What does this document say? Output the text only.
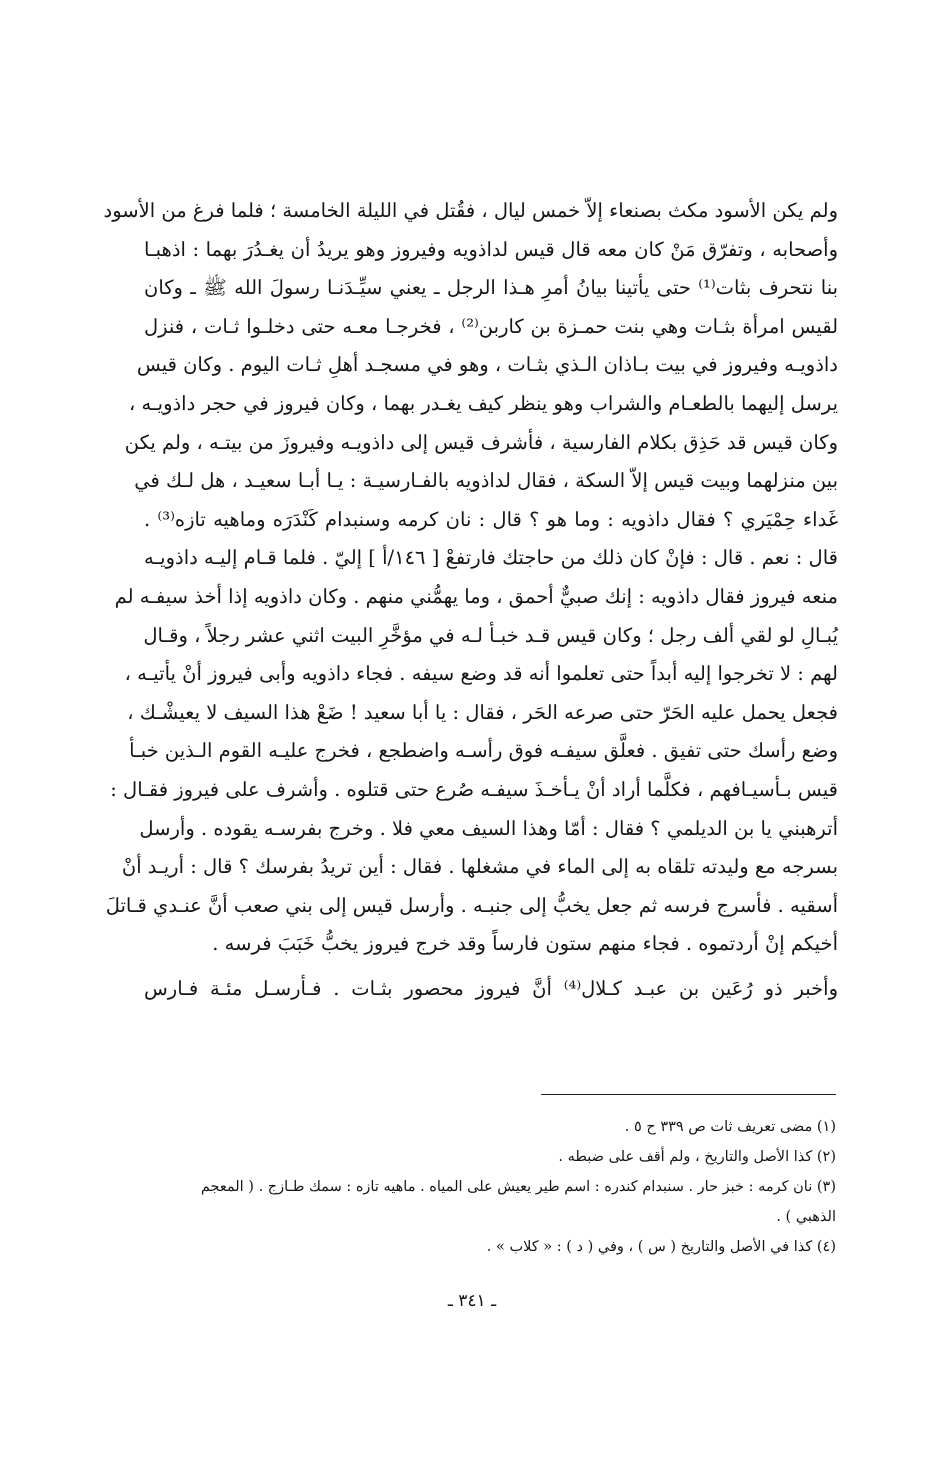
ولم يكن الأسود مكث بصنعاء إلاّ خمس ليال ، فقُتل في الليلة الخامسة ؛ فلما فرغ من الأسود
وأصحابه ، وتفرّق مَنْ كان معه قال قيس لداذويه وفيروز وهو يريدُ أن يغـدُرَ بهما : اذهبـا
بنا نتحرف بثات⁽¹⁾ حتى يأتينا بيانُ أمرِ هـذا الرجل ـ يعني سيِّـدَنـا رسولَ الله ﷺ ـ وكان
لقيس امرأة بثـات وهي بنت حمـزة بن كاربن⁽²⁾ ، فخرجـا معـه حتى دخلـوا ثـات ، فنزل
داذويـه وفيروز في بيت بـاذان الـذي بثـات ، وهو في مسجـد أهلِ ثـات اليوم . وكان قيس
يرسل إليهما بالطعـام والشراب وهو ينظر كيف يغـدر بهما ، وكان فيروز في حجر داذويـه ،
وكان قيس قد حَذِق بكلام الفارسية ، فأشرف قيس إلى داذويـه وفيروزَ من بيتـه ، ولم يكن
بين منزلهما وبيت قيس إلاّ السكة ، فقال لداذويه بالفـارسيـة : يـا أبـا سعيـد ، هل لـك في
غَداء حِمْيَري ؟ فقال داذويه : وما هو ؟ قال : نان كرمه وسنبدام كَنْدَرَه وماهيه تازه⁽³⁾ .
قال : نعم . قال : فإنْ كان ذلك من حاجتك فارتفعْ [ ١٤٦/أ ] إليّ . فلما قـام إليـه داذويـه
منعه فيروز فقال داذويه : إنك صبيٌّ أحمق ، وما يهمُّني منهم . وكان داذويه إذا أخذ سيفـه لم
يُبـالِ لو لقي ألف رجل ؛ وكان قيس قـد خبـأ لـه في مؤخَّرِ البيت اثني عشر رجلاً ، وقـال
لهم : لا تخرجوا إليه أبداً حتى تعلموا أنه قد وضع سيفه . فجاء داذويه وأبى فيروز أنْ يأتيـه ،
فجعل يحمل عليه الحَرّ حتى صرعه الحَر ، فقال : يا أبا سعيد ! ضَعْ هذا السيف لا يعيشْـك ،
وضع رأسك حتى تفيق . فعلَّق سيفـه فوق رأسـه واضطجع ، فخرج عليـه القوم الـذين خبـأ
قيس بـأسيـافهم ، فكلَّما أراد أنْ يـأخـذَ سيفـه صُرع حتى قتلوه . وأشرف على فيروز فقـال :
أترهبني يا بن الديلمي ؟ فقال : أمّا وهذا السيف معي فلا . وخرج بفرسـه يقوده . وأرسل
بسرجه مع وليدته تلقاه به إلى الماء في مشغلها . فقال : أين تريدُ بفرسك ؟ قال : أريـد أنْ
أسقيه . فأسرج فرسه ثم جعل يخبُّ إلى جنبـه . وأرسل قيس إلى بني صعب أنَّ عنـدي قـاتلَ
أخيكم إنْ أردتموه . فجاء منهم ستون فارساً وقد خرج فيروز يخبُّ خَبَبَ فرسه .
وأخبر ذو رُعَين بن عبـد كـلال⁽⁴⁾ أنَّ فيروز محصور بثـات . فـأرسـل مئـة فـارس
(١) مضى تعريف ثات ص ٣٣٩ ح ٥ .
(٢) كذا الأصل والتاريخ ، ولم أقف على ضبطه .
(٣) نان كرمه : خبز حار . سنبدام كندره : اسم طير يعيش على المياه . ماهيه تازه : سمك طـازج . ( المعجم
الذهبي ) .
(٤) كذا في الأصل والتاريخ ( س ) ، وفي ( د ) : « كلاب » .
ـ ٣٤١ ـ
